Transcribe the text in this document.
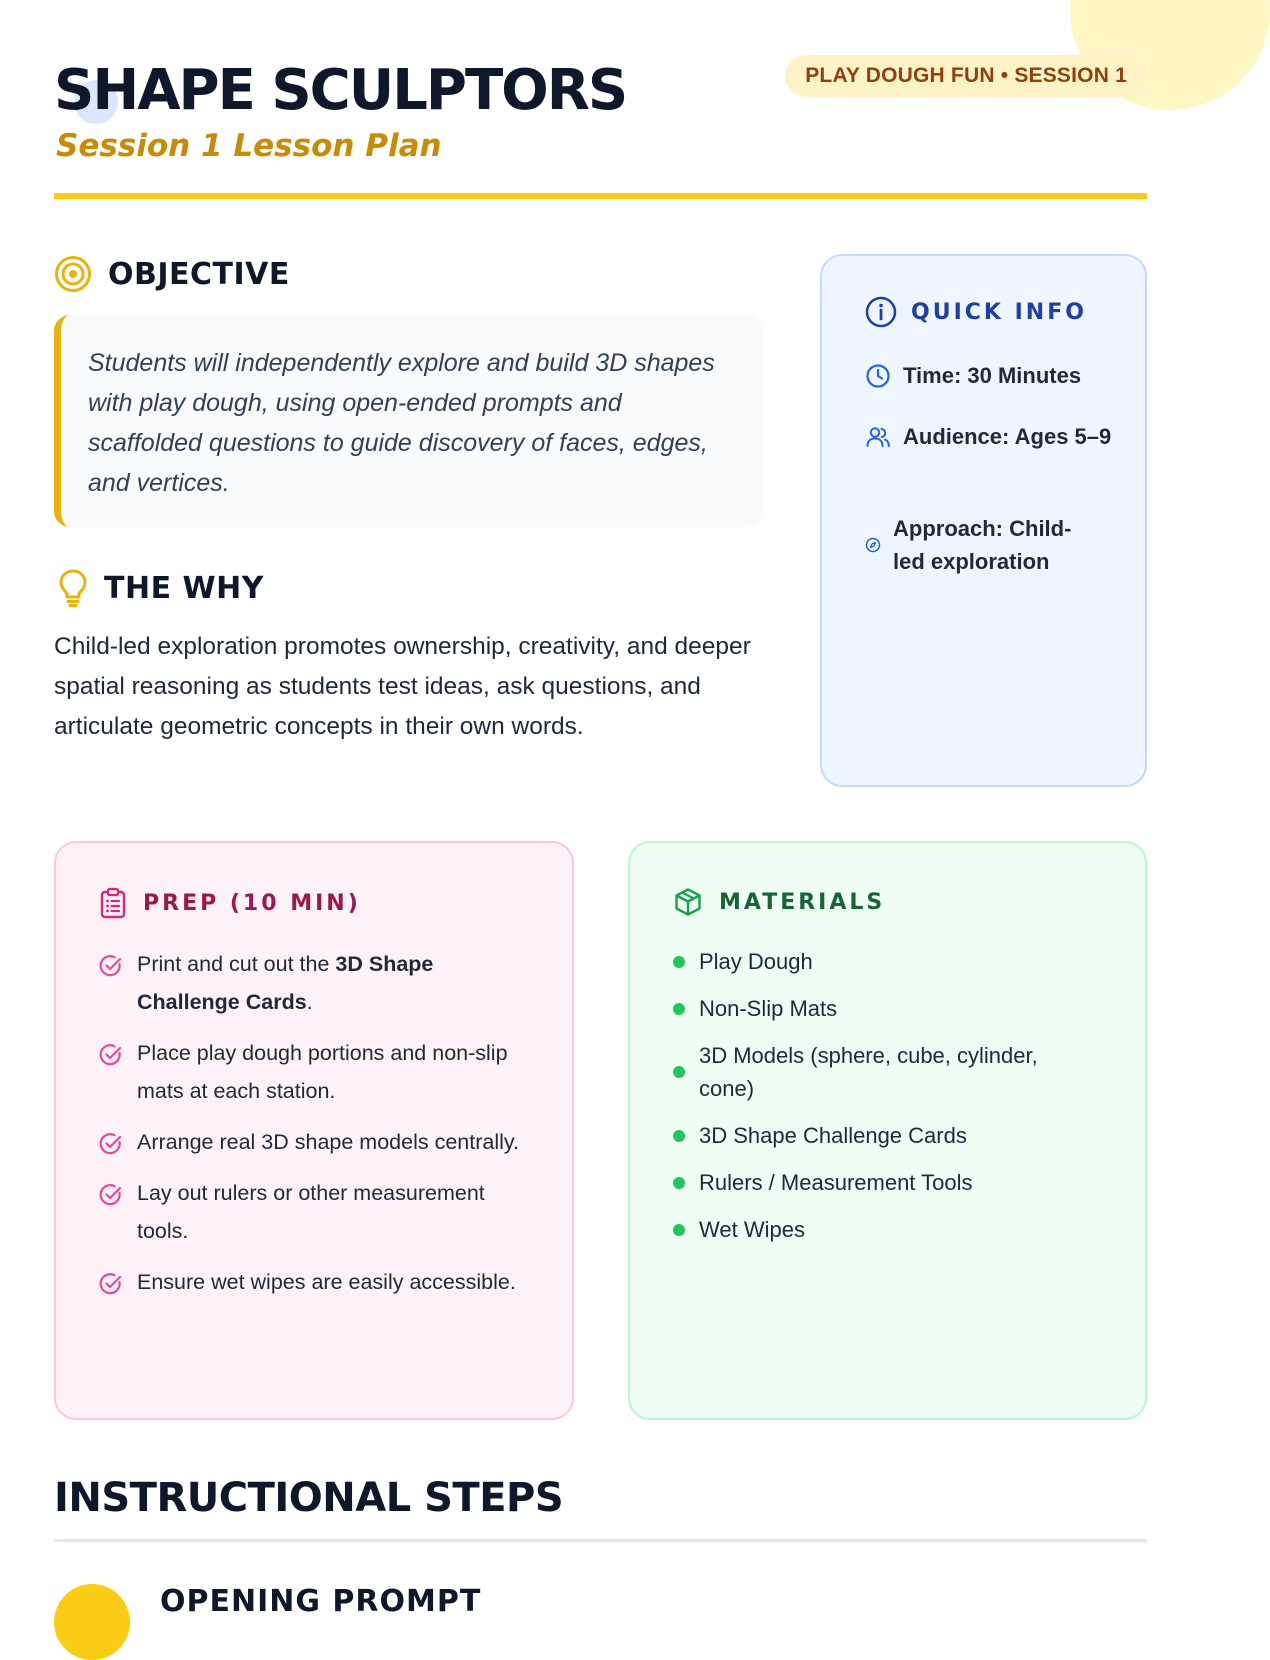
SHAPE SCULPTORS
Session 1 Lesson Plan
PLAY DOUGH FUN • SESSION 1
OBJECTIVE

Students will independently explore and build 3D shapes with play dough, using open-ended prompts and scaffolded questions to guide discovery of faces, edges, and vertices.

THE WHY

Child-led exploration promotes ownership, creativity, and deeper spatial reasoning as students test ideas, ask questions, and articulate geometric concepts in their own words.

QUICK INFO
Time: 30 Minutes
Audience: Ages 5–9
Approach: Child-led exploration
PREP (10 MIN)
Print and cut out the 3D Shape Challenge Cards.
Place play dough portions and non-slip mats at each station.
Arrange real 3D shape models centrally.
Lay out rulers or other measurement tools.
Ensure wet wipes are easily accessible.
MATERIALS
Play Dough
Non-Slip Mats
3D Models (sphere, cube, cylinder, cone)
3D Shape Challenge Cards
Rulers / Measurement Tools
Wet Wipes
INSTRUCTIONAL STEPS
OPENING PROMPT
